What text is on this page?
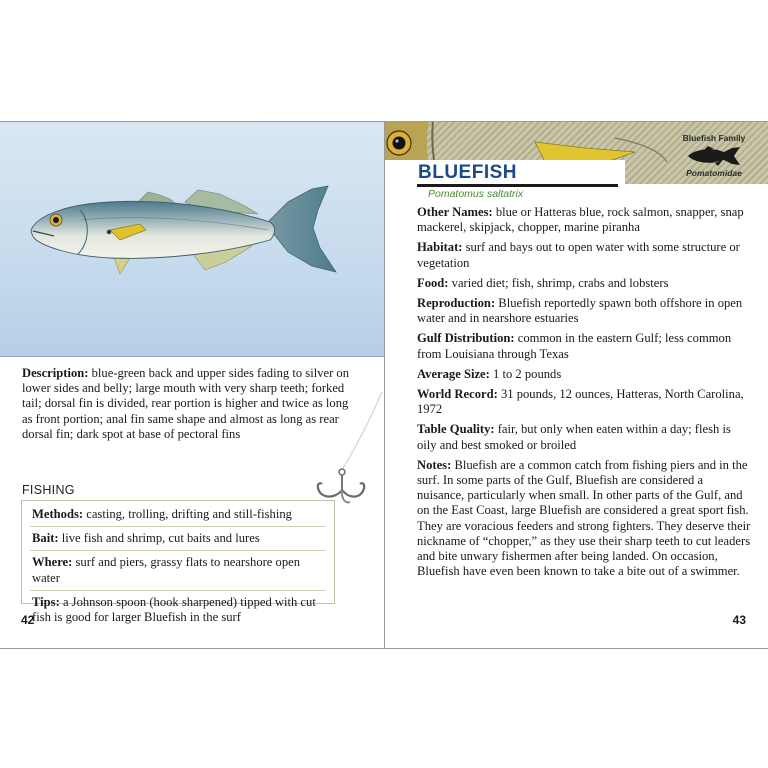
Description: blue-green back and upper sides fading to silver on lower sides and belly; large mouth with very sharp teeth; forked tail; dorsal fin is divided, rear portion is higher and twice as long as front portion; anal fin same shape and almost as long as rear dorsal fin; dark spot at base of pectoral fins
FISHING
Methods: casting, trolling, drifting and still-fishing
Bait: live fish and shrimp, cut baits and lures
Where: surf and piers, grassy flats to nearshore open water
Tips: a Johnson spoon (hook sharpened) tipped with cut fish is good for larger Bluefish in the surf
42
Bluefish Family
Pomatomidae
BLUEFISH
Pomatomus saltatrix

Other Names: blue or Hatteras blue, rock salmon, snapper, snap mackerel, skipjack, chopper, marine piranha

Habitat: surf and bays out to open water with some structure or vegetation

Food: varied diet; fish, shrimp, crabs and lobsters

Reproduction: Bluefish reportedly spawn both offshore in open water and in nearshore estuaries

Gulf Distribution: common in the eastern Gulf; less common from Louisiana through Texas

Average Size: 1 to 2 pounds

World Record: 31 pounds, 12 ounces, Hatteras, North Carolina, 1972

Table Quality: fair, but only when eaten within a day; flesh is oily and best smoked or broiled

Notes: Bluefish are a common catch from fishing piers and in the surf. In some parts of the Gulf, Bluefish are considered a nuisance, particularly when small. In other parts of the Gulf, and on the East Coast, large Bluefish are considered a great sport fish. They are voracious feeders and strong fighters. They deserve their nickname of “chopper,” as they use their sharp teeth to cut leaders and bite unwary fishermen after being landed. On occasion, Bluefish have even been known to take a bite out of a swimmer.

43
